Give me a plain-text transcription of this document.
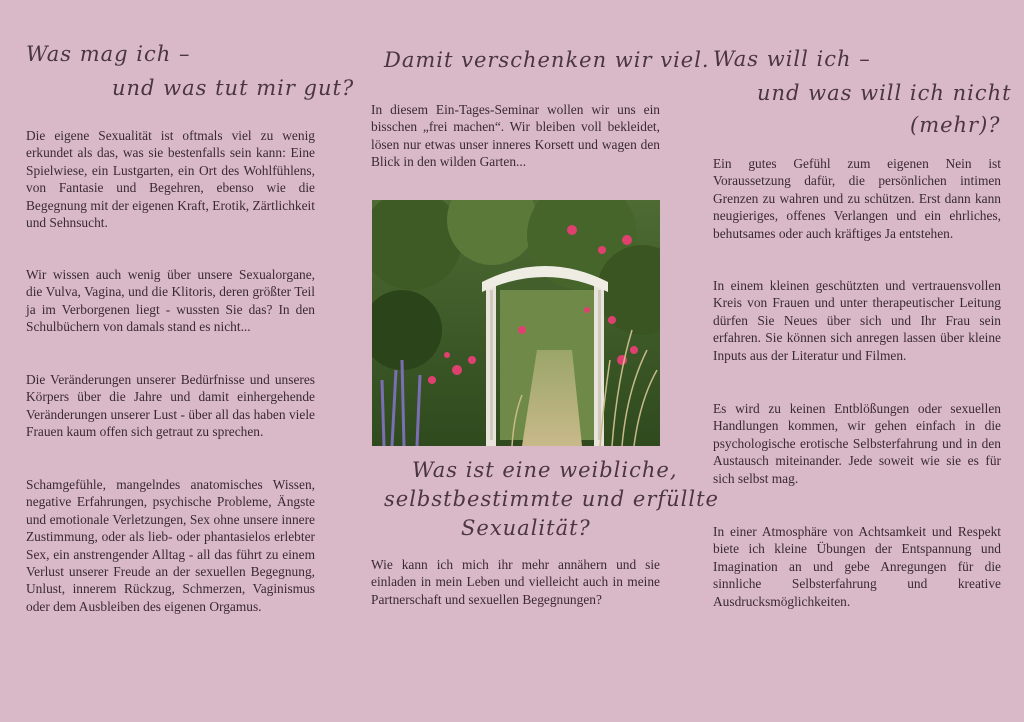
Was mag ich –
und was tut mir gut?

Die eigene Sexualität ist oftmals viel zu wenig erkundet als das, was sie bestenfalls sein kann: Eine Spielwiese, ein Lustgarten, ein Ort des Wohlfühlens, von Fantasie und Begehren, ebenso wie die Begegnung mit der eigenen Kraft, Erotik, Zärtlichkeit und Sehnsucht.

Wir wissen auch wenig über unsere Sexualorgane, die Vulva, Vagina, und die Klitoris, deren größter Teil ja im Verborgenen liegt - wussten Sie das? In den Schulbüchern von damals stand es nicht...

Die Veränderungen unserer Bedürfnisse und unseres Körpers über die Jahre und damit einhergehende Veränderungen unserer Lust - über all das haben viele Frauen kaum offen sich getraut zu sprechen.

Schamgefühle, mangelndes anatomisches Wissen, negative Erfahrungen, psychische Probleme, Ängste und emotionale Verletzungen, Sex ohne unsere innere Zustimmung, oder als lieb- oder phantasielos erlebter Sex, ein anstrengender Alltag - all das führt zu einem Verlust unserer Freude an der sexuellen Begegnung, Unlust, innerem Rückzug, Schmerzen, Vaginismus oder dem Ausbleiben des eigenen Orgamus.

Damit verschenken wir viel.

In diesem Ein-Tages-Seminar wollen wir uns ein bisschen „frei machen“. Wir bleiben voll bekleidet, lösen nur etwas unser inneres Korsett und wagen den Blick in den wilden Garten...

Was ist eine weibliche,
selbstbestimmte und erfüllte
Sexualität?

Wie kann ich mich ihr mehr annähern und sie einladen in mein Leben und vielleicht auch in meine Partnerschaft und sexuellen Begegnungen?

Was will ich –
und was will ich nicht
(mehr)?

Ein gutes Gefühl zum eigenen Nein ist Voraussetzung dafür, die persönlichen intimen Grenzen zu wahren und zu schützen. Erst dann kann neugieriges, offenes Verlangen und ein ehrliches, behutsames oder auch kräftiges Ja entstehen.

In einem kleinen geschützten und vertrauensvollen Kreis von Frauen und unter therapeutischer Leitung dürfen Sie Neues über sich und Ihr Frau sein erfahren. Sie können sich anregen lassen über kleine Inputs aus der Literatur und Filmen.

Es wird zu keinen Entblößungen oder sexuellen Handlungen kommen, wir gehen einfach in die psychologische erotische Selbsterfahrung und in den Austausch miteinander. Jede soweit wie sie es für sich selbst mag.

In einer Atmosphäre von Achtsamkeit und Respekt biete ich kleine Übungen der Entspannung und Imagination an und gebe Anregungen für die sinnliche Selbsterfahrung und kreative Ausdrucksmöglichkeiten.
